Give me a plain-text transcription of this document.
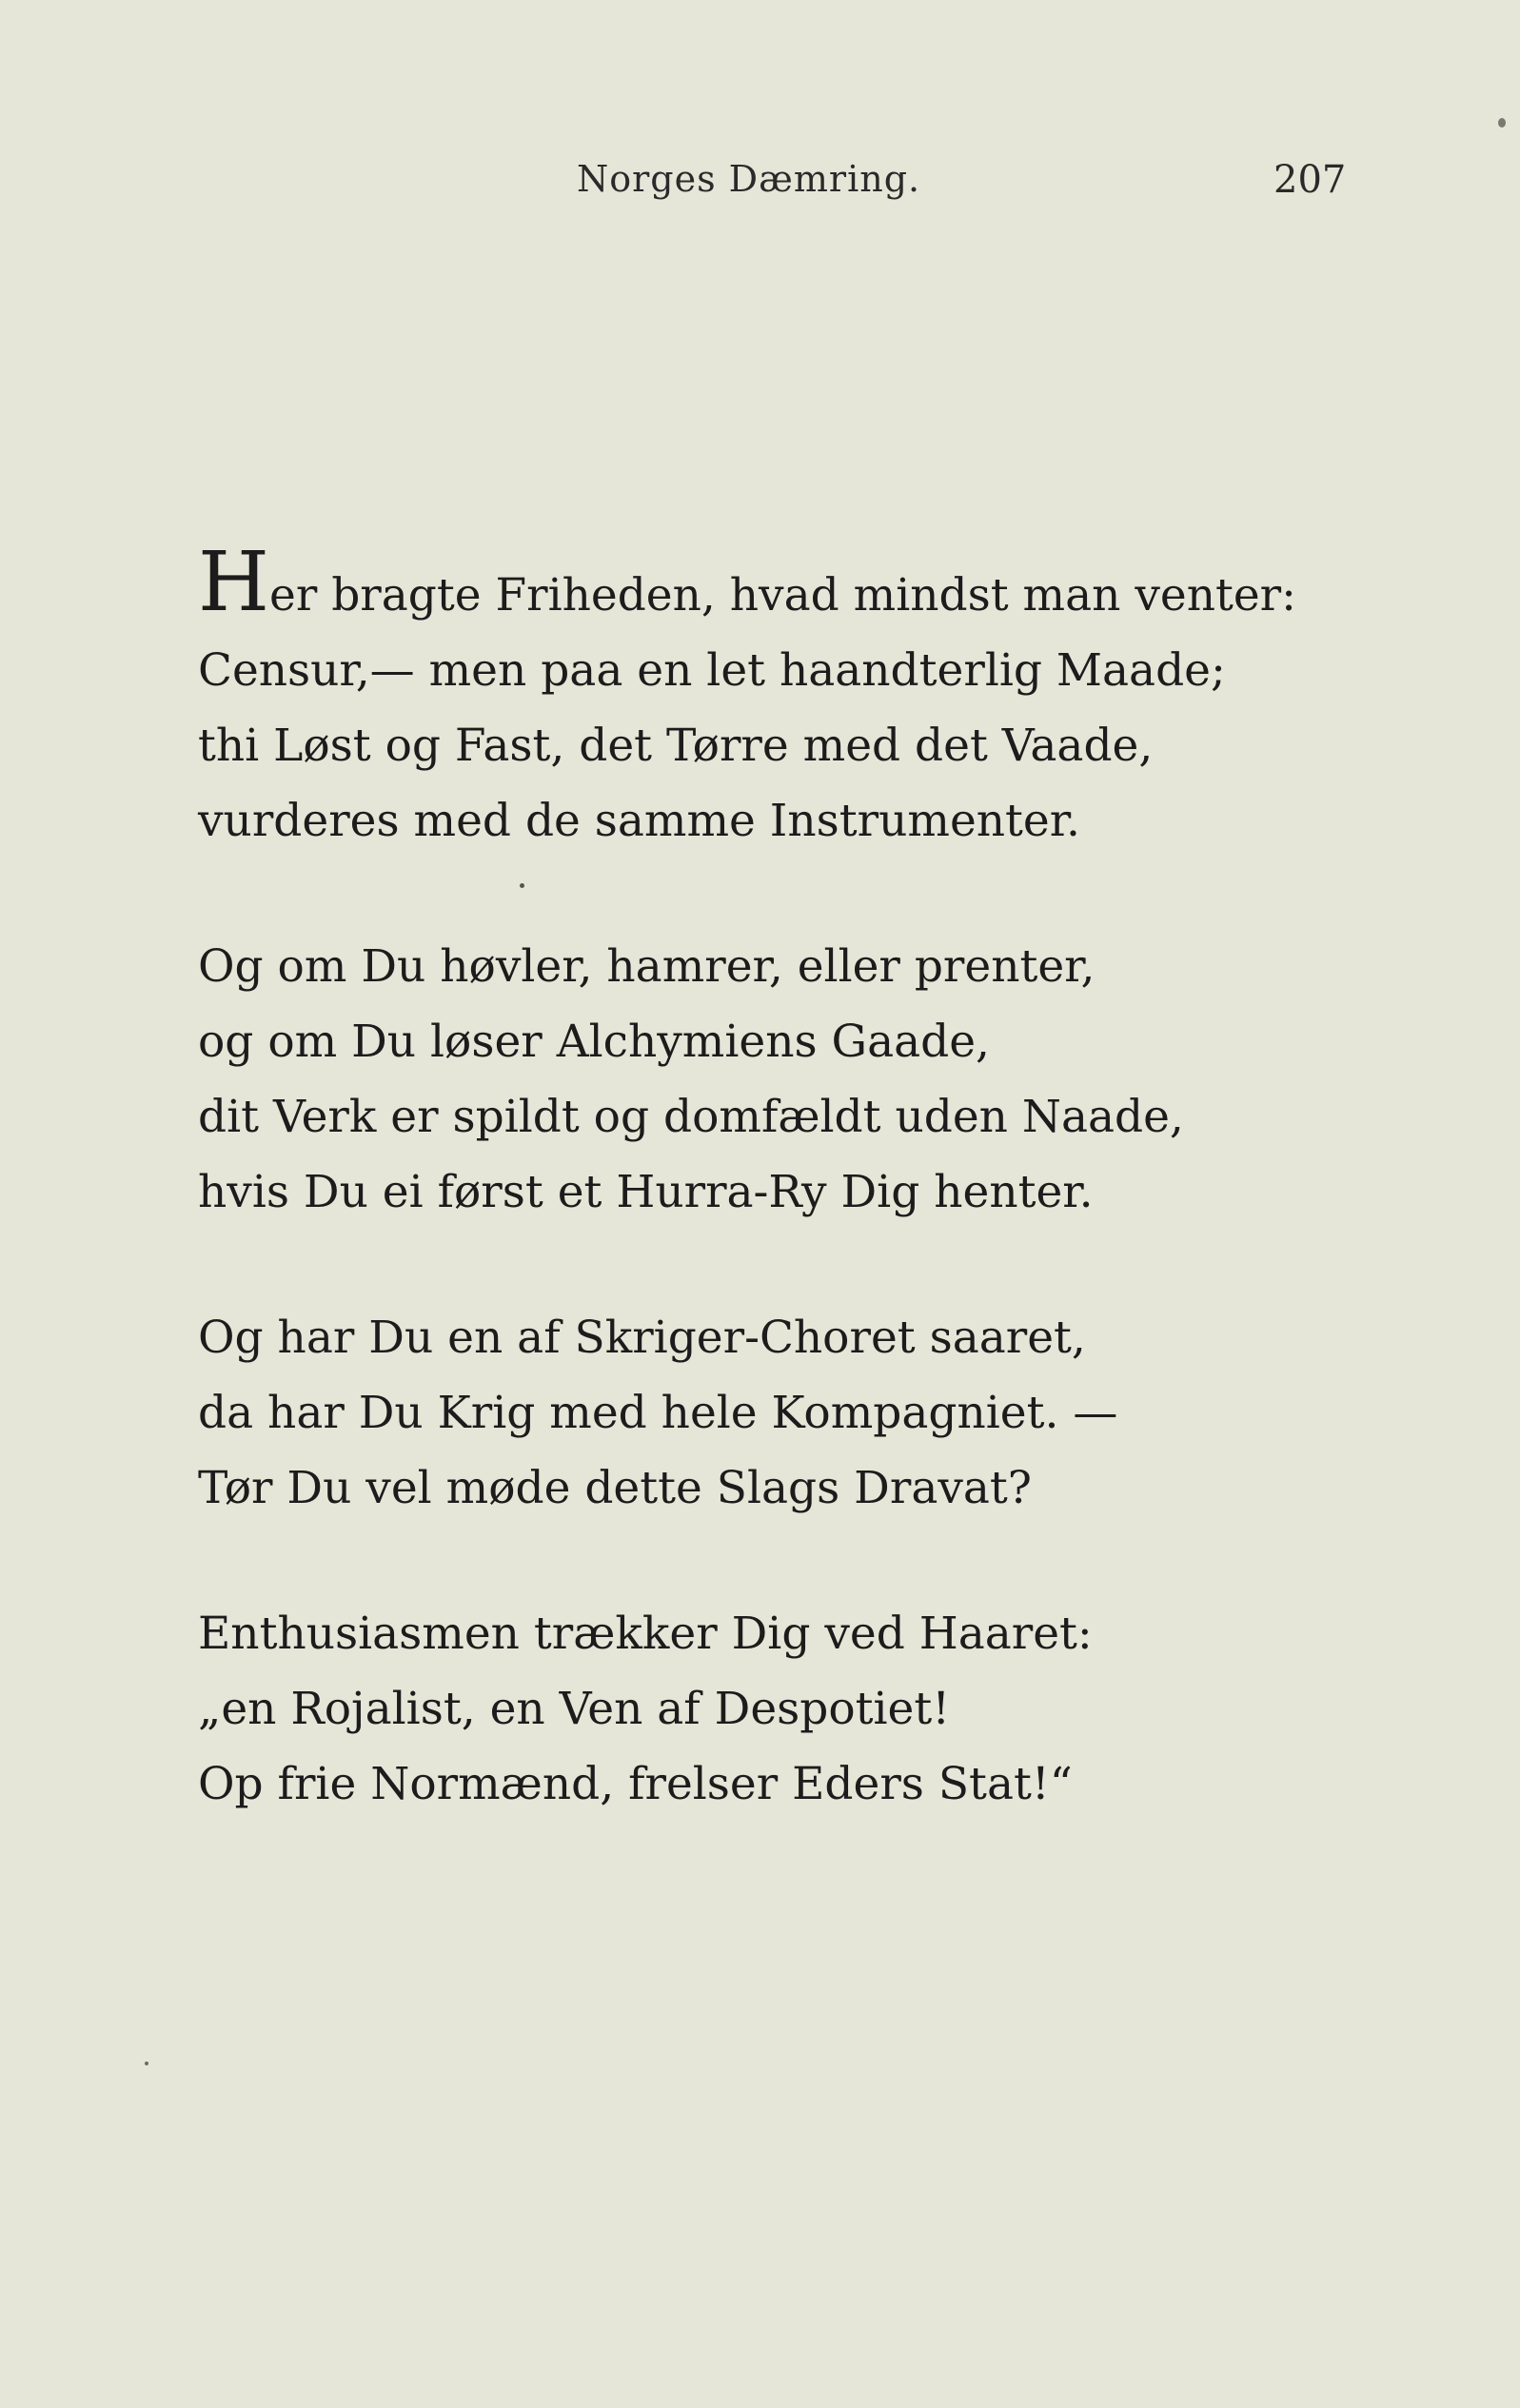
Norges Dæmring.	207
Her bragte Friheden, hvad mindst man venter:
Censur,— men paa en let haandterlig Maade;
thi Løst og Fast, det Tørre med det Vaade,
vurderes med de samme Instrumenter.
Og om Du høvler, hamrer, eller prenter,
og om Du løser Alchymiens Gaade,
dit Verk er spildt og domfældt uden Naade,
hvis Du ei først et Hurra-Ry Dig henter.
Og har Du en af Skriger-Choret saaret,
da har Du Krig med hele Kompagniet. —
Tør Du vel møde dette Slags Dravat?
Enthusiasmen trækker Dig ved Haaret:
„en Rojalist, en Ven af Despotiet!
Op frie Normænd, frelser Eders Stat!“
